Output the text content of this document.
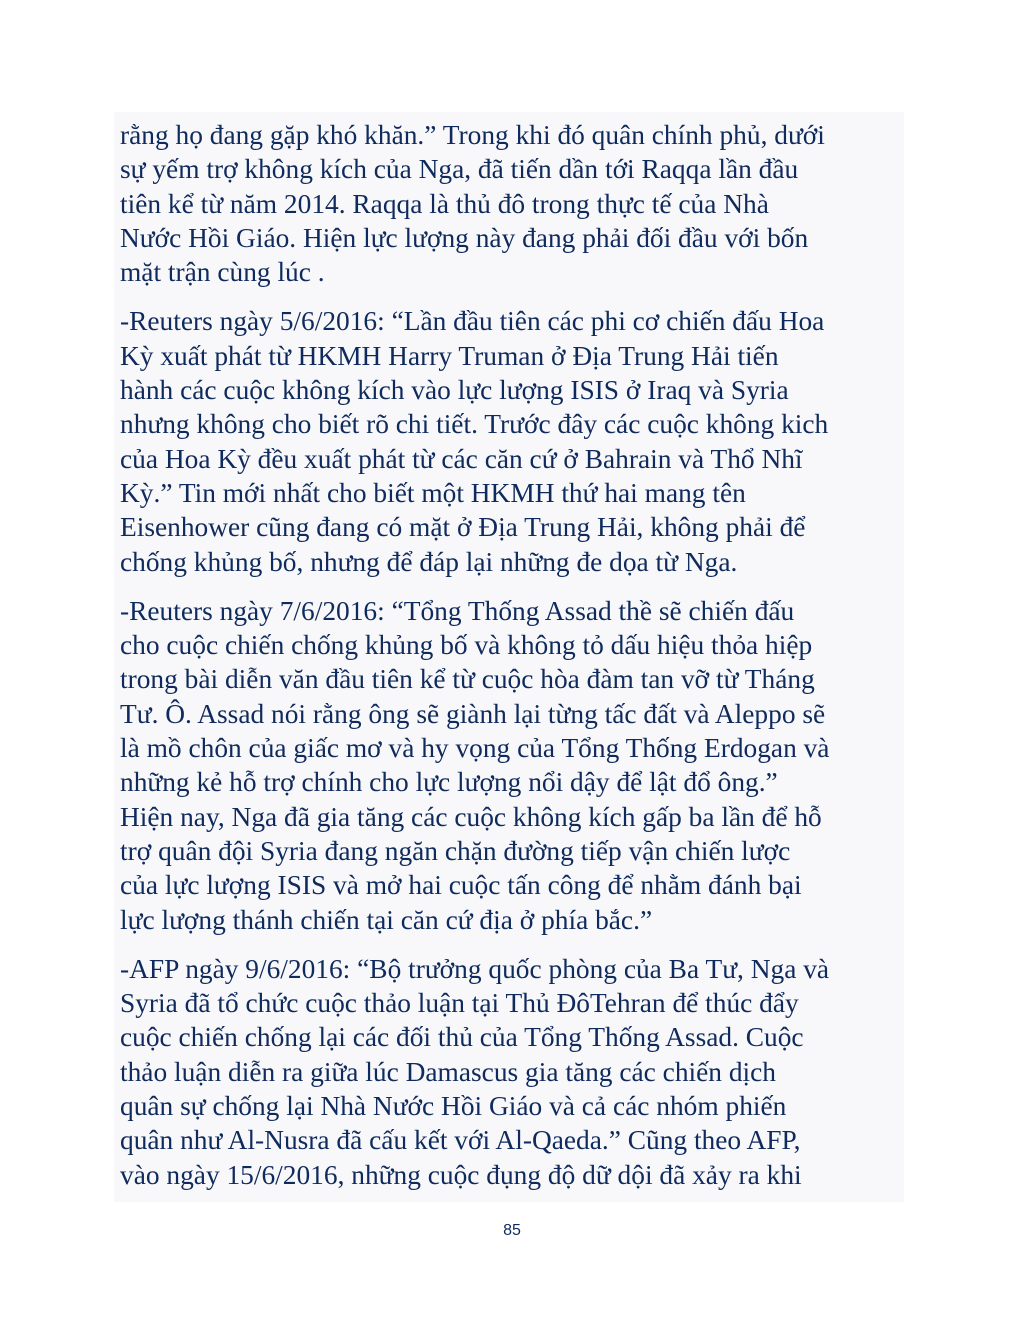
rằng họ đang gặp khó khăn.” Trong khi đó quân chính phủ, dưới
sự yếm trợ không kích của Nga, đã tiến dần tới Raqqa lần đầu
tiên kể từ năm 2014. Raqqa là thủ đô trong thực tế của Nhà
Nước Hồi Giáo. Hiện lực lượng này đang phải đối đầu với bốn
mặt trận cùng lúc .

-Reuters ngày 5/6/2016: “Lần đầu tiên các phi cơ chiến đấu Hoa
Kỳ xuất phát từ HKMH Harry Truman ở Địa Trung Hải tiến
hành các cuộc không kích vào lực lượng ISIS ở Iraq và Syria
nhưng không cho biết rõ chi tiết. Trước đây các cuộc không kich
của Hoa Kỳ đều xuất phát từ các căn cứ ở Bahrain và Thổ Nhĩ
Kỳ.” Tin mới nhất cho biết một HKMH thứ hai mang tên
Eisenhower cũng đang có mặt ở Địa Trung Hải, không phải để
chống khủng bố, nhưng để đáp lại những đe dọa từ Nga.

-Reuters ngày 7/6/2016: “Tổng Thống Assad thề sẽ chiến đấu
cho cuộc chiến chống khủng bố và không tỏ dấu hiệu thỏa hiệp
trong bài diễn văn đầu tiên kể từ cuộc hòa đàm tan vỡ từ Tháng
Tư. Ô. Assad nói rằng ông sẽ giành lại từng tấc đất và Aleppo sẽ
là mồ chôn của giấc mơ và hy vọng của Tổng Thống Erdogan và
những kẻ hỗ trợ chính cho lực lượng nổi dậy để lật đổ ông.”
Hiện nay, Nga đã gia tăng các cuộc không kích gấp ba lần để hỗ
trợ quân đội Syria đang ngăn chặn đường tiếp vận chiến lược
của lực lượng ISIS và mở hai cuộc tấn công để nhằm đánh bại
lực lượng thánh chiến tại căn cứ địa ở phía bắc.”

-AFP ngày 9/6/2016: “Bộ trưởng quốc phòng của Ba Tư, Nga và
Syria đã tổ chức cuộc thảo luận tại Thủ ĐôTehran để thúc đẩy
cuộc chiến chống lại các đối thủ của Tổng Thống Assad. Cuộc
thảo luận diễn ra giữa lúc Damascus gia tăng các chiến dịch
quân sự chống lại Nhà Nước Hồi Giáo và cả các nhóm phiến
quân như Al-Nusra đã cấu kết với Al-Qaeda.” Cũng theo AFP,
vào ngày 15/6/2016, những cuộc đụng độ dữ dội đã xảy ra khi

85
